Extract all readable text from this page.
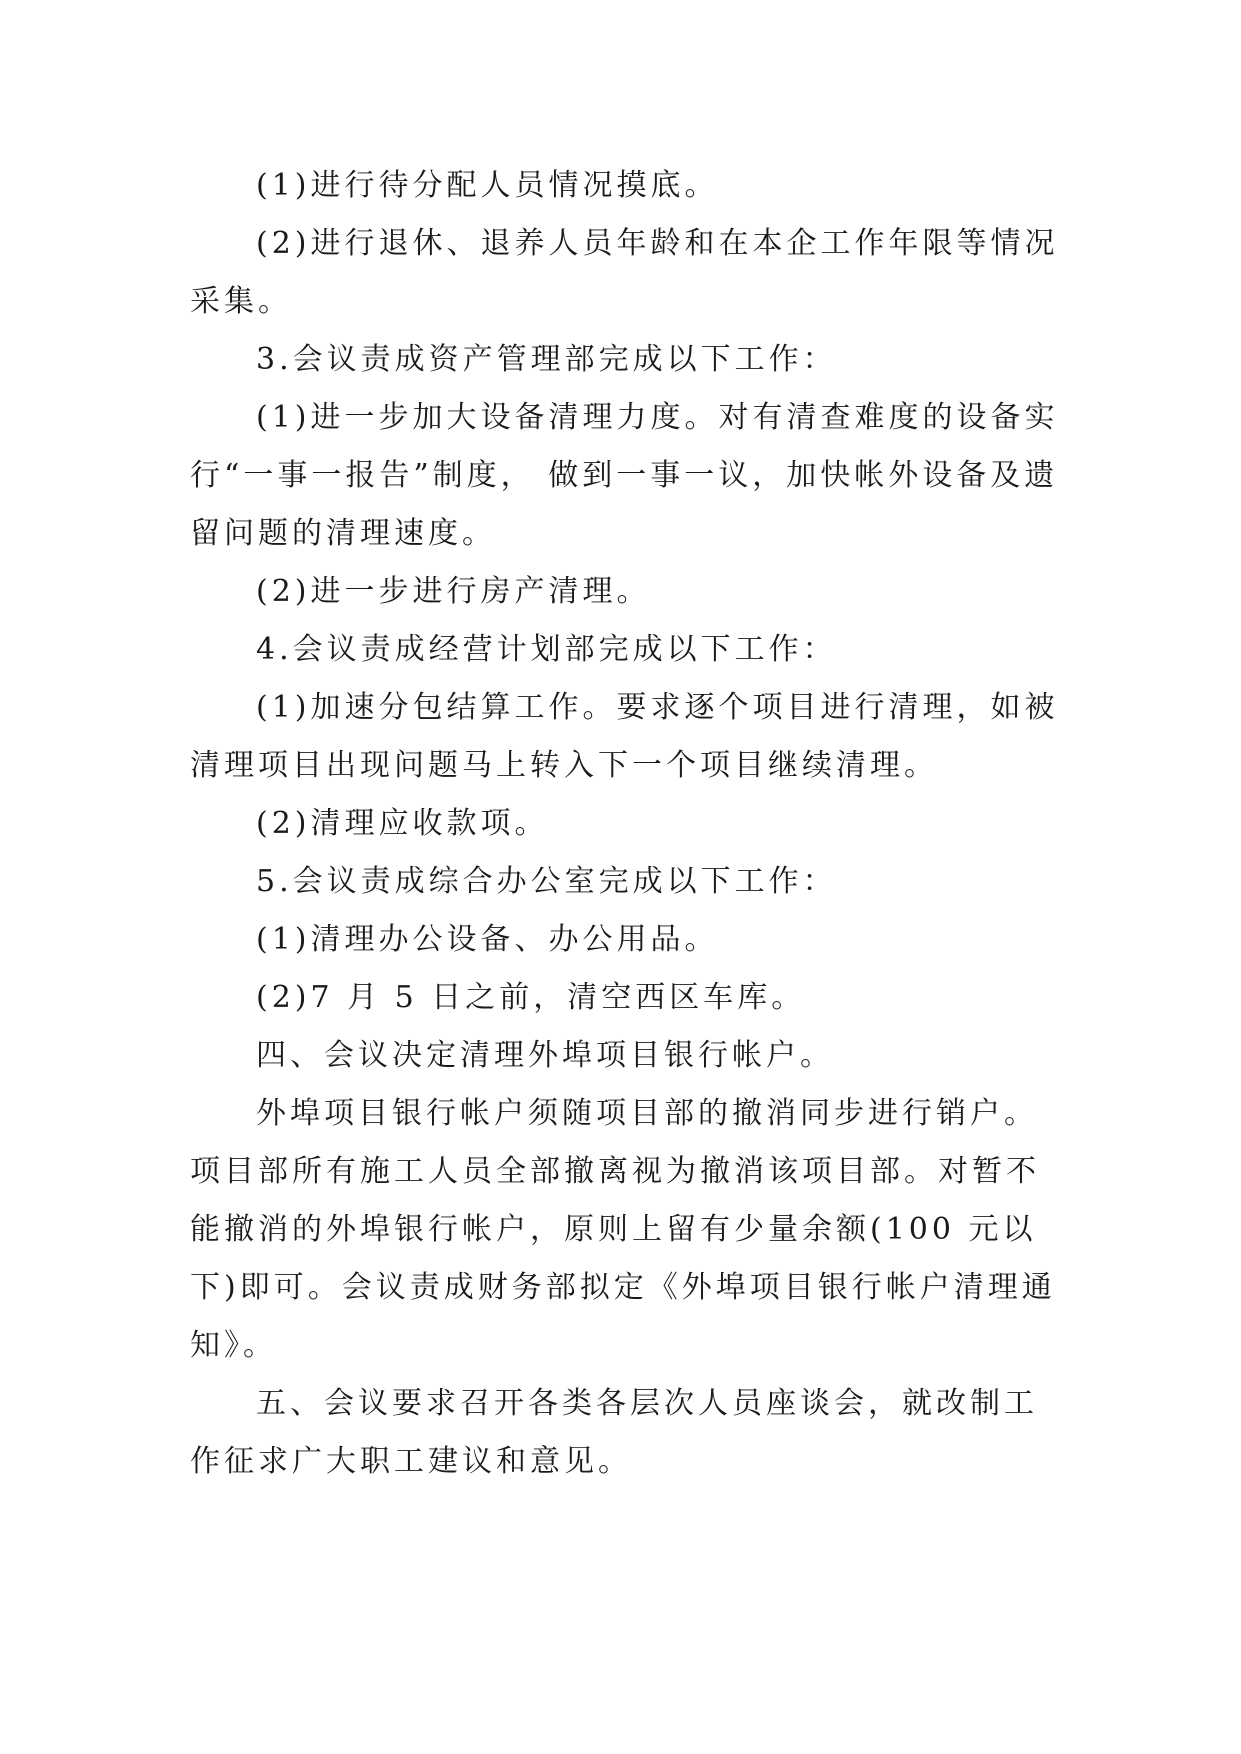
(1)进行待分配人员情况摸底。

(2)进行退休、退养人员年龄和在本企工作年限等情况采集。

3.会议责成资产管理部完成以下工作：

(1)进一步加大设备清理力度。对有清查难度的设备实行“一事一报告”制度， 做到一事一议，加快帐外设备及遗留问题的清理速度。

(2)进一步进行房产清理。

4.会议责成经营计划部完成以下工作：

(1)加速分包结算工作。要求逐个项目进行清理，如被清理项目出现问题马上转入下一个项目继续清理。

(2)清理应收款项。

5.会议责成综合办公室完成以下工作：

(1)清理办公设备、办公用品。

(2)7 月 5 日之前，清空西区车库。

四、会议决定清理外埠项目银行帐户。

外埠项目银行帐户须随项目部的撤消同步进行销户。项目部所有施工人员全部撤离视为撤消该项目部。对暂不能撤消的外埠银行帐户，原则上留有少量余额(100 元以下)即可。会议责成财务部拟定《外埠项目银行帐户清理通知》。

五、会议要求召开各类各层次人员座谈会，就改制工作征求广大职工建议和意见。
